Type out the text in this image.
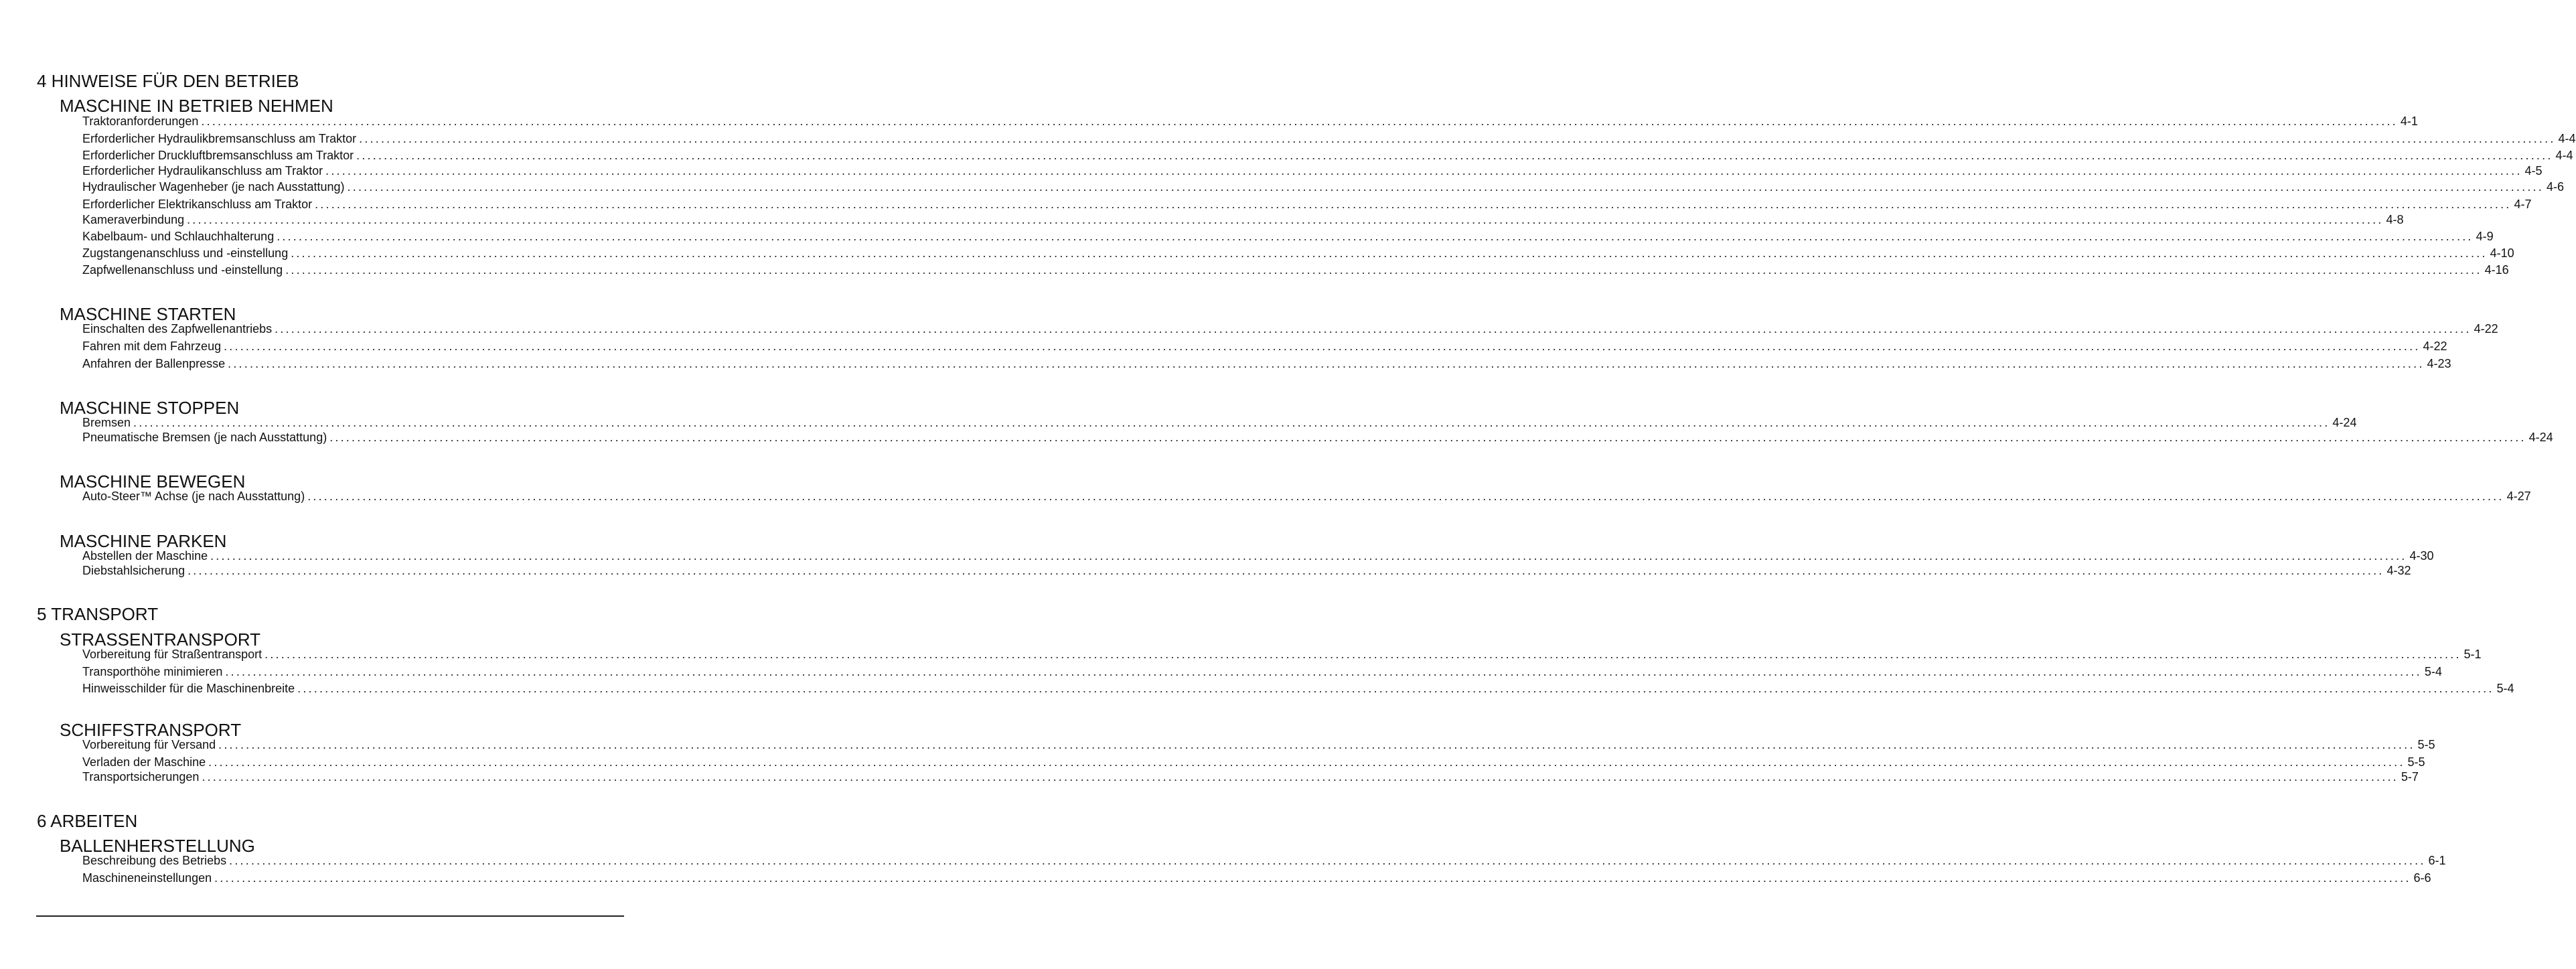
4 HINWEISE FÜR DEN BETRIEB
MASCHINE IN BETRIEB NEHMEN
Traktoranforderungen ................................................................................................................................................................................................................................................................................................................................................................................................................ 4-1
Erforderlicher Hydraulikbremsanschluss am Traktor ................................................................................................................................................................................................................................................................................................................................................................................................................ 4-4
Erforderlicher Druckluftbremsanschluss am Traktor ................................................................................................................................................................................................................................................................................................................................................................................................................ 4-4
Erforderlicher Hydraulikanschluss am Traktor ................................................................................................................................................................................................................................................................................................................................................................................................................ 4-5
Hydraulischer Wagenheber (je nach Ausstattung) ................................................................................................................................................................................................................................................................................................................................................................................................................ 4-6
Erforderlicher Elektrikanschluss am Traktor ................................................................................................................................................................................................................................................................................................................................................................................................................ 4-7
Kameraverbindung ................................................................................................................................................................................................................................................................................................................................................................................................................ 4-8
Kabelbaum- und Schlauchhalterung ................................................................................................................................................................................................................................................................................................................................................................................................................ 4-9
Zugstangenanschluss und -einstellung ................................................................................................................................................................................................................................................................................................................................................................................................................ 4-10
Zapfwellenanschluss und -einstellung ................................................................................................................................................................................................................................................................................................................................................................................................................ 4-16
MASCHINE STARTEN
Einschalten des Zapfwellenantriebs ................................................................................................................................................................................................................................................................................................................................................................................................................ 4-22
Fahren mit dem Fahrzeug ................................................................................................................................................................................................................................................................................................................................................................................................................ 4-22
Anfahren der Ballenpresse ................................................................................................................................................................................................................................................................................................................................................................................................................ 4-23
MASCHINE STOPPEN
Bremsen ................................................................................................................................................................................................................................................................................................................................................................................................................ 4-24
Pneumatische Bremsen (je nach Ausstattung) ................................................................................................................................................................................................................................................................................................................................................................................................................ 4-24
MASCHINE BEWEGEN
Auto-Steer™ Achse (je nach Ausstattung) ................................................................................................................................................................................................................................................................................................................................................................................................................ 4-27
MASCHINE PARKEN
Abstellen der Maschine ................................................................................................................................................................................................................................................................................................................................................................................................................ 4-30
Diebstahlsicherung ................................................................................................................................................................................................................................................................................................................................................................................................................ 4-32
5 TRANSPORT
STRASSENTRANSPORT
Vorbereitung für Straßentransport ................................................................................................................................................................................................................................................................................................................................................................................................................ 5-1
Transporthöhe minimieren ................................................................................................................................................................................................................................................................................................................................................................................................................ 5-4
Hinweisschilder für die Maschinenbreite ................................................................................................................................................................................................................................................................................................................................................................................................................ 5-4
SCHIFFSTRANSPORT
Vorbereitung für Versand ................................................................................................................................................................................................................................................................................................................................................................................................................ 5-5
Verladen der Maschine ................................................................................................................................................................................................................................................................................................................................................................................................................ 5-5
Transportsicherungen ................................................................................................................................................................................................................................................................................................................................................................................................................ 5-7
6 ARBEITEN
BALLENHERSTELLUNG
Beschreibung des Betriebs ................................................................................................................................................................................................................................................................................................................................................................................................................ 6-1
Maschineneinstellungen ................................................................................................................................................................................................................................................................................................................................................................................................................ 6-6
